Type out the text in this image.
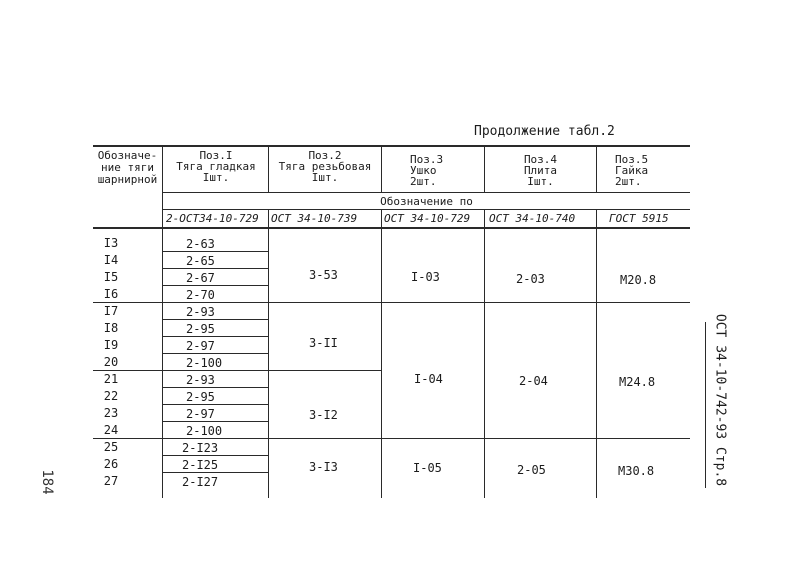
Продолжение табл.2
Обозначе-
ние тяги
шарнирной
Поз.I
Тяга гладкая
Iшт.
Поз.2
Тяга резьбовая
Iшт.
Поз.3
Ушко
2шт.
Поз.4
Плита
Iшт.
Поз.5
Гайка
2шт.
Обозначение по
2-ОСТ34-10-729 ОСТ 34-10-739 ОСТ 34-10-729 ОСТ 34-10-740	ГОСТ 5915
I3
I4
I5
I6
I7
I8
I9
20
21
22
23
24
25
26
27
2-63
2-65
2-67
2-70
2-93
2-95
2-97
2-100
2-93
2-95
2-97
2-100
2-I23
2-I25
2-I27
3-53
3-II
3-I2
3-I3
I-03
I-04
I-05
2-03
2-04
2-05
M20.8
M24.8
M30.8	ОСТ 34-10-742-93 Стр.8
184
